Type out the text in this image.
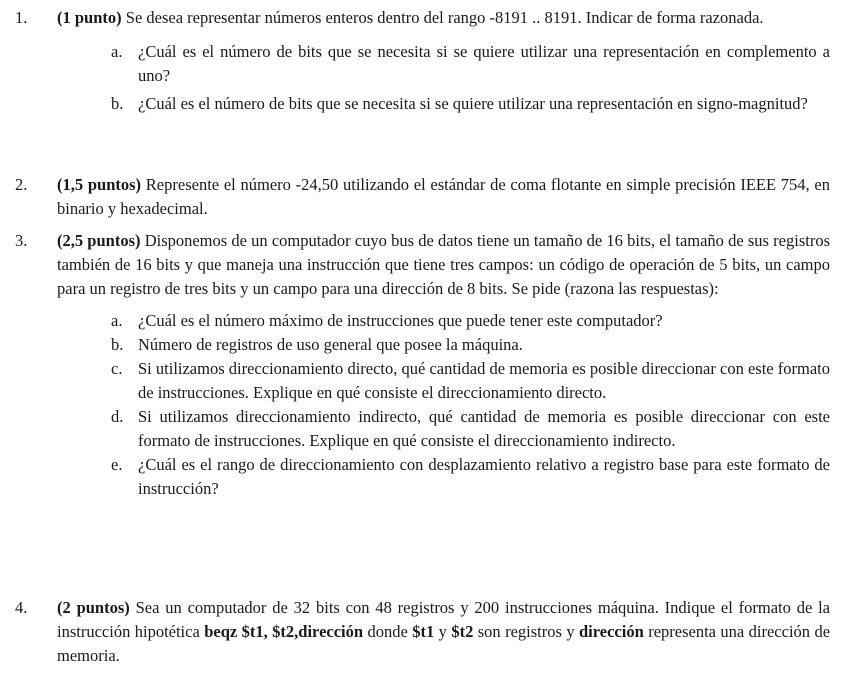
1. (1 punto) Se desea representar números enteros dentro del rango -8191 .. 8191. Indicar de forma razonada.
a. ¿Cuál es el número de bits que se necesita si se quiere utilizar una representación en complemento a uno?
b. ¿Cuál es el número de bits que se necesita si se quiere utilizar una representación en signo-magnitud?
2. (1,5 puntos) Represente el número -24,50 utilizando el estándar de coma flotante en simple precisión IEEE 754, en binario y hexadecimal.
3. (2,5 puntos) Disponemos de un computador cuyo bus de datos tiene un tamaño de 16 bits, el tamaño de sus registros también de 16 bits y que maneja una instrucción que tiene tres campos: un código de operación de 5 bits, un campo para un registro de tres bits y un campo para una dirección de 8 bits. Se pide (razona las respuestas):
a. ¿Cuál es el número máximo de instrucciones que puede tener este computador?
b. Número de registros de uso general que posee la máquina.
c. Si utilizamos direccionamiento directo, qué cantidad de memoria es posible direccionar con este formato de instrucciones. Explique en qué consiste el direccionamiento directo.
d. Si utilizamos direccionamiento indirecto, qué cantidad de memoria es posible direccionar con este formato de instrucciones. Explique en qué consiste el direccionamiento indirecto.
e. ¿Cuál es el rango de direccionamiento con desplazamiento relativo a registro base para este formato de instrucción?
4. (2 puntos) Sea un computador de 32 bits con 48 registros y 200 instrucciones máquina. Indique el formato de la instrucción hipotética beqz $t1, $t2,dirección donde $t1 y $t2 son registros y dirección representa una dirección de memoria.
